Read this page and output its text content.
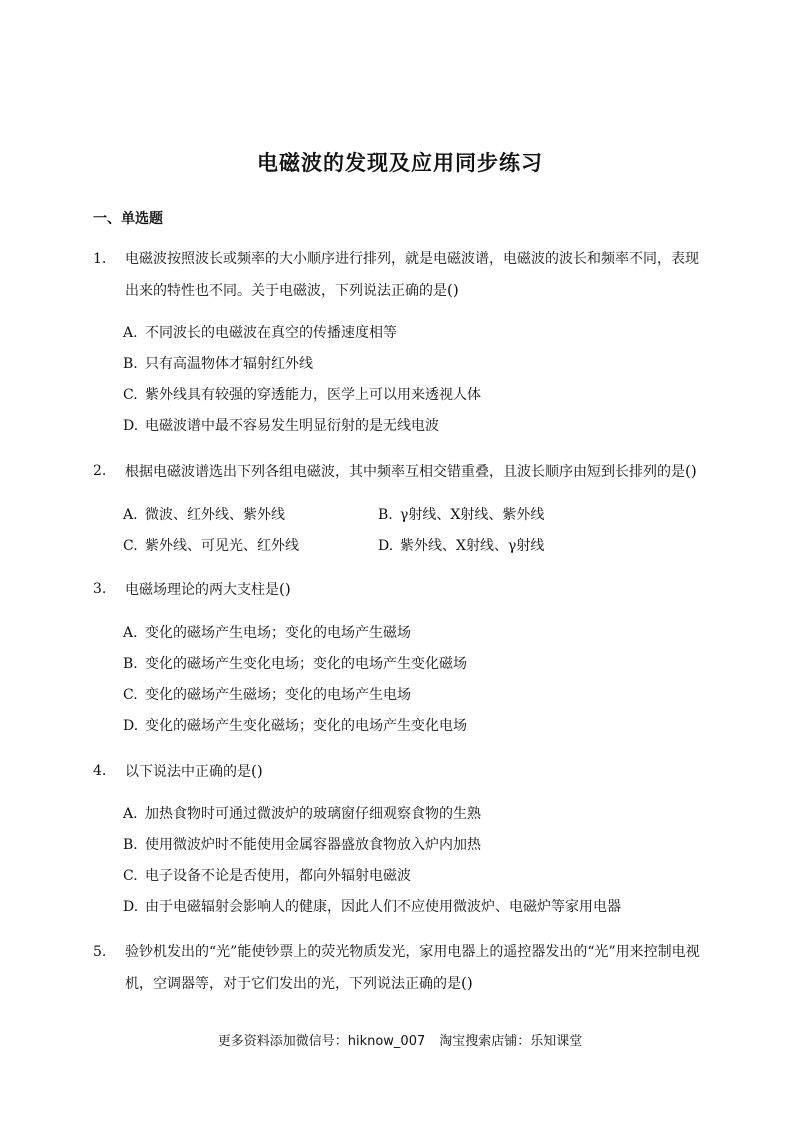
电磁波的发现及应用同步练习
一、单选题
1.	电磁波按照波长或频率的大小顺序进行排列，就是电磁波谱，电磁波的波长和频率不同，表现出来的特性也不同。关于电磁波，下列说法正确的是()
A. 不同波长的电磁波在真空的传播速度相等
B. 只有高温物体才辐射红外线
C. 紫外线具有较强的穿透能力，医学上可以用来透视人体
D. 电磁波谱中最不容易发生明显衍射的是无线电波
2.	根据电磁波谱选出下列各组电磁波，其中频率互相交错重叠，且波长顺序由短到长排列的是()
A. 微波、红外线、紫外线	B. γ射线、X射线、紫外线
C. 紫外线、可见光、红外线	D. 紫外线、X射线、γ射线
3.	电磁场理论的两大支柱是()
A. 变化的磁场产生电场；变化的电场产生磁场
B. 变化的磁场产生变化电场；变化的电场产生变化磁场
C. 变化的磁场产生磁场；变化的电场产生电场
D. 变化的磁场产生变化磁场；变化的电场产生变化电场
4.	以下说法中正确的是()
A. 加热食物时可通过微波炉的玻璃窗仔细观察食物的生熟
B. 使用微波炉时不能使用金属容器盛放食物放入炉内加热
C. 电子设备不论是否使用，都向外辐射电磁波
D. 由于电磁辐射会影响人的健康，因此人们不应使用微波炉、电磁炉等家用电器
5.	验钞机发出的“光”能使钞票上的荧光物质发光，家用电器上的遥控器发出的“光”用来控制电视机，空调器等，对于它们发出的光，下列说法正确的是()
更多资料添加微信号：hiknow_007 淘宝搜索店铺：乐知课堂
